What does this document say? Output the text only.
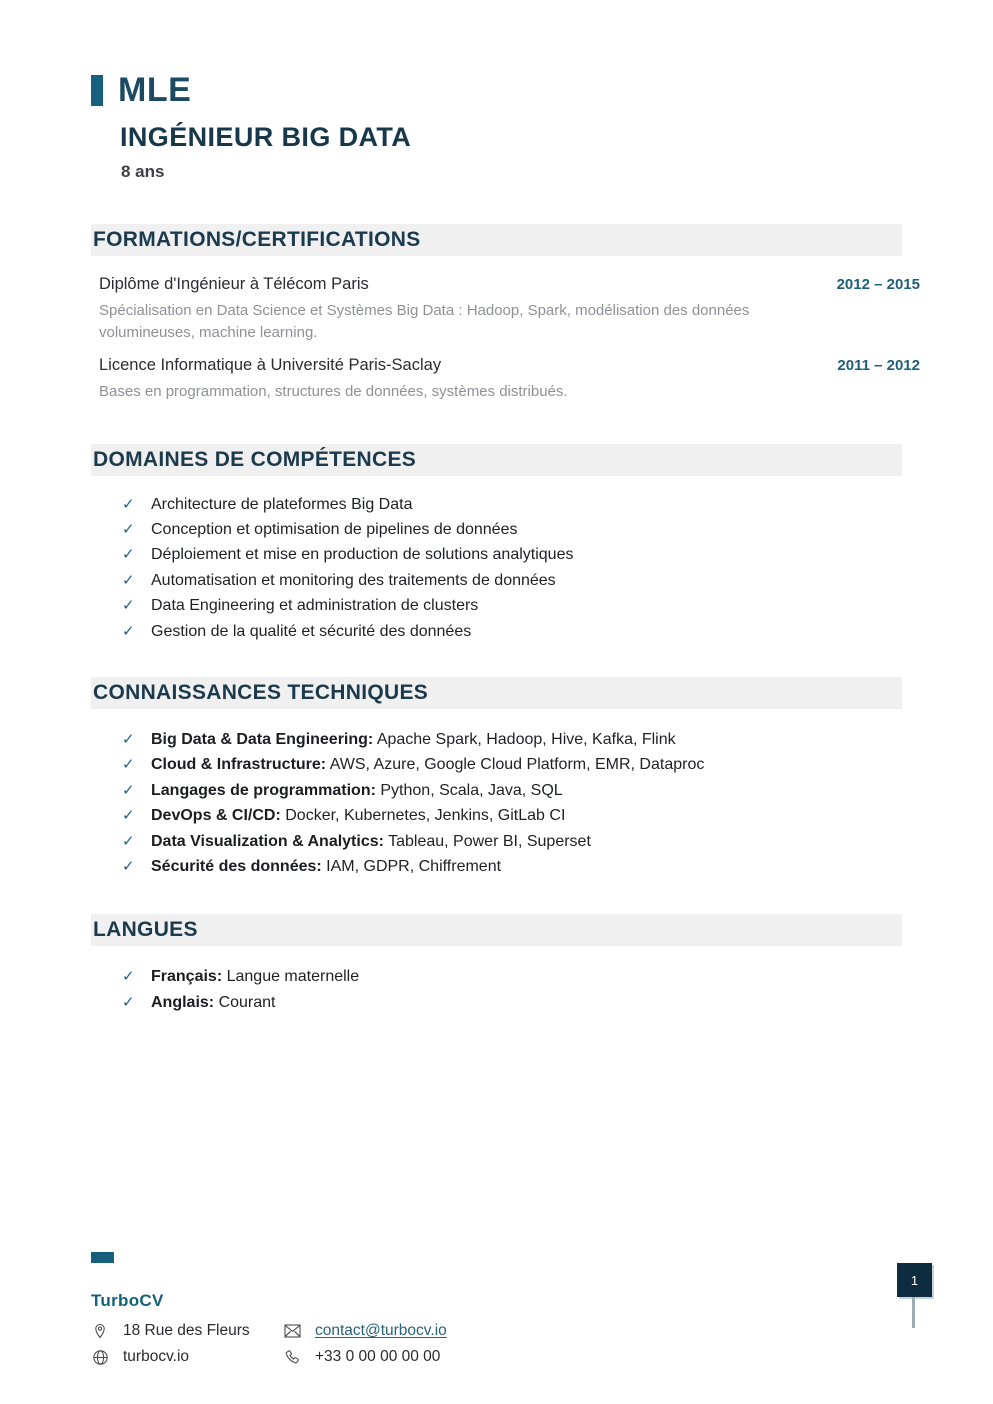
MLE
INGÉNIEUR BIG DATA
8 ans
FORMATIONS/CERTIFICATIONS
Diplôme d'Ingénieur à Télécom Paris	2012 – 2015

Spécialisation en Data Science et Systèmes Big Data : Hadoop, Spark, modélisation des données volumineuses, machine learning.

Licence Informatique à Université Paris-Saclay	2011 – 2012

Bases en programmation, structures de données, systèmes distribués.

DOMAINES DE COMPÉTENCES
✓	Architecture de plateformes Big Data
✓	Conception et optimisation de pipelines de données
✓	Déploiement et mise en production de solutions analytiques
✓	Automatisation et monitoring des traitements de données
✓	Data Engineering et administration de clusters
✓	Gestion de la qualité et sécurité des données
CONNAISSANCES TECHNIQUES
✓	Big Data & Data Engineering: Apache Spark, Hadoop, Hive, Kafka, Flink
✓	Cloud & Infrastructure: AWS, Azure, Google Cloud Platform, EMR, Dataproc
✓	Langages de programmation: Python, Scala, Java, SQL
✓	DevOps & CI/CD: Docker, Kubernetes, Jenkins, GitLab CI
✓	Data Visualization & Analytics: Tableau, Power BI, Superset
✓	Sécurité des données: IAM, GDPR, Chiffrement
LANGUES
✓	Français: Langue maternelle
✓	Anglais: Courant
TurboCV
18 Rue des Fleurs	contact@turbocv.io
turbocv.io	+33 0 00 00 00 00
1
